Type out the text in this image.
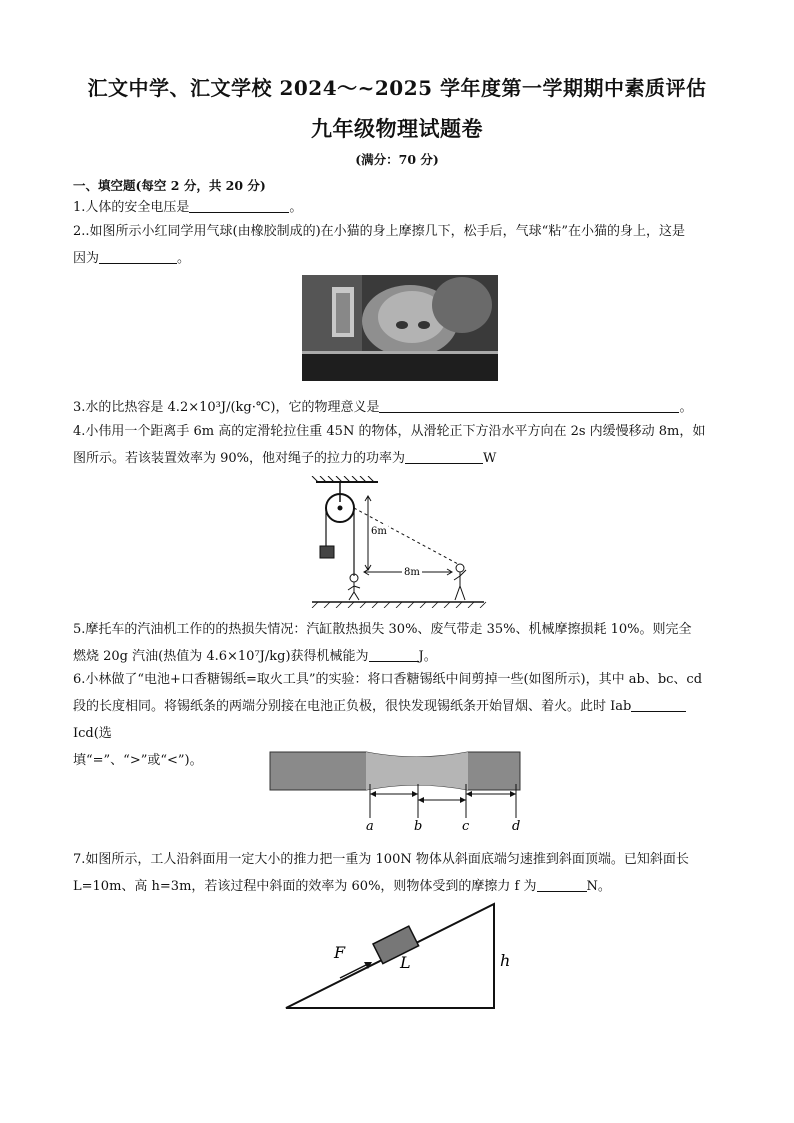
汇文中学、汇文学校 2024～~2025 学年度第一学期期中素质评估
九年级物理试题卷
(满分：70 分)
一、填空题(每空 2 分，共 20 分)
1.人体的安全电压是	。
2..如图所示小红同学用气球(由橡胶制成的)在小猫的身上摩擦几下，松手后，气球“粘”在小猫的身上，这是
因为	。
3.水的比热容是 4.2×10³J/(kg·℃)，它的物理意义是	。
4.小伟用一个距离手 6m 高的定滑轮拉住重 45N 的物体，从滑轮正下方沿水平方向在 2s 内缓慢移动 8m，如
图所示。若该装置效率为 90%，他对绳子的拉力的功率为	W
6m
8m
5.摩托车的汽油机工作的的热损失情况：汽缸散热损失 30%、废气带走 35%、机械摩擦损耗 10%。则完全
燃烧 20g 汽油(热值为 4.6×10⁷J/kg)获得机械能为	J。
6.小林做了“电池+口香糖锡纸=取火工具”的实验：将口香糖锡纸中间剪掉一些(如图所示)，其中 ab、bc、cd
段的长度相同。将锡纸条的两端分别接在电池正负极，很快发现锡纸条开始冒烟、着火。此时 IabIcd(选
填“=”、“>”或“<”)。
a	b	c	d
7.如图所示，工人沿斜面用一定大小的推力把一重为 100N 物体从斜面底端匀速推到斜面顶端。已知斜面长
L=10m、高 h=3m，若该过程中斜面的效率为 60%，则物体受到的摩擦力 f 为	N。
F
L	h
